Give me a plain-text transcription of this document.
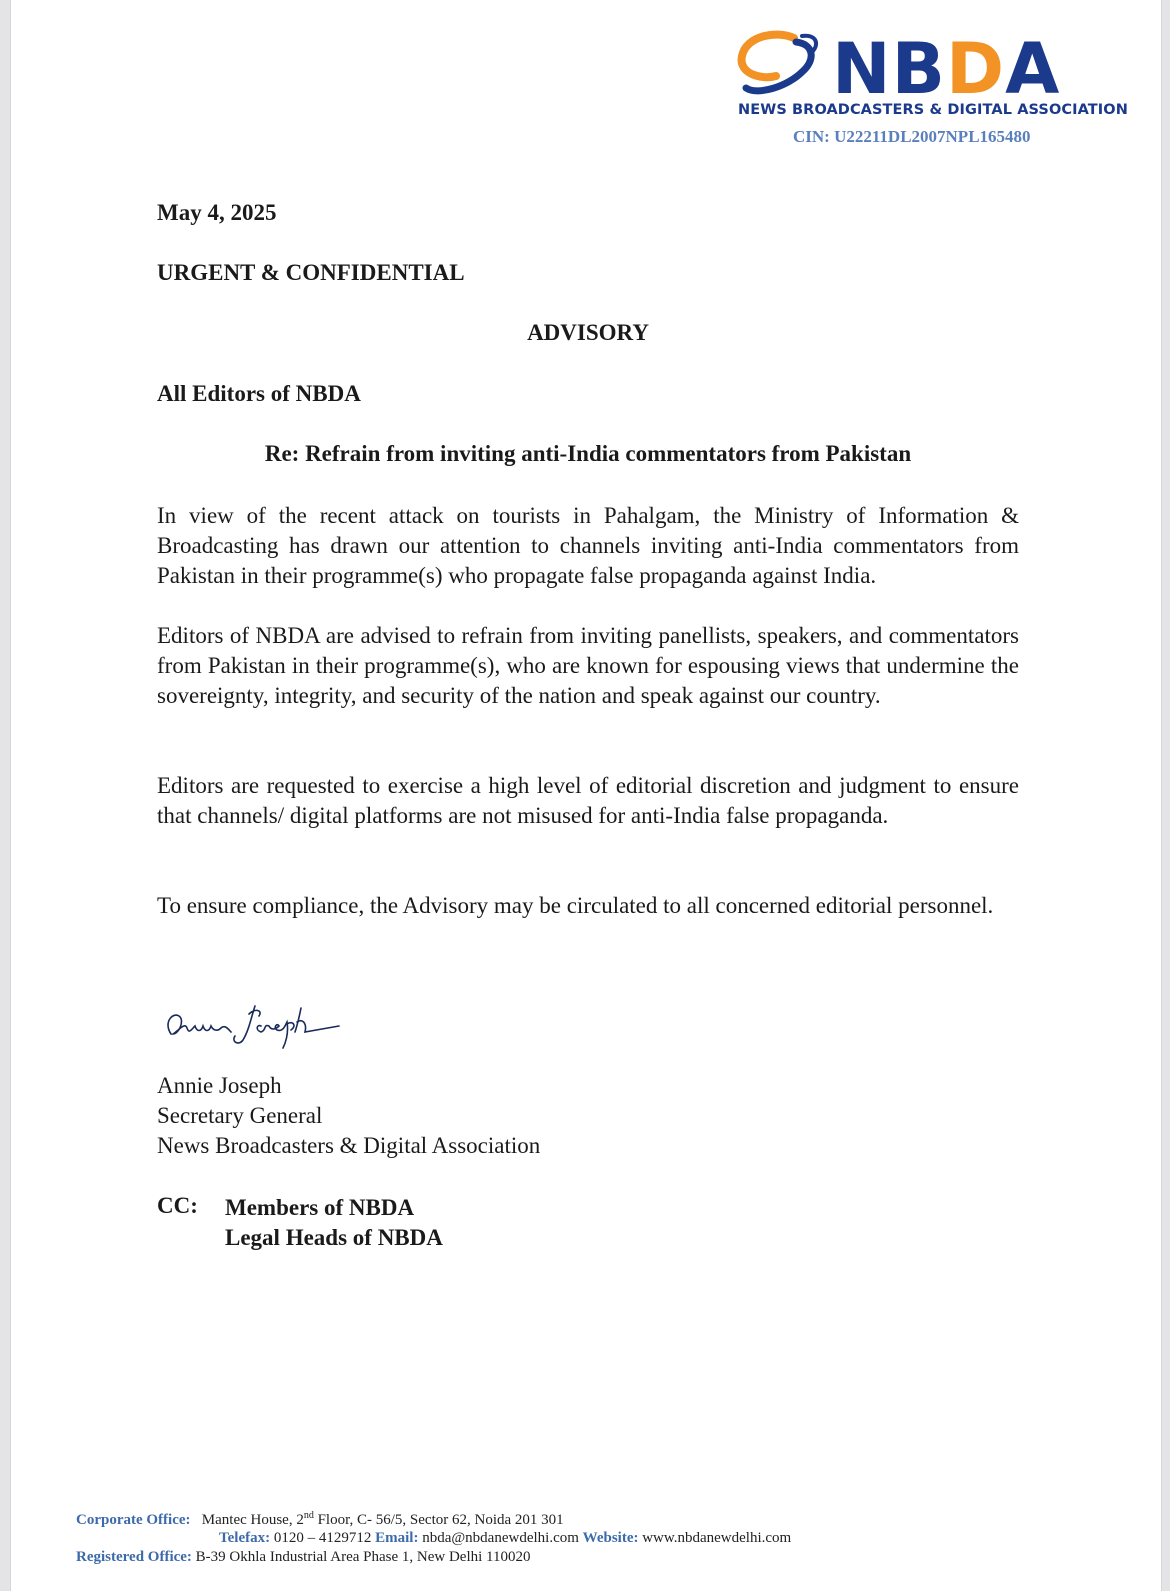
NBDA
NEWS BROADCASTERS & DIGITAL ASSOCIATION
CIN: U22211DL2007NPL165480
May 4, 2025
URGENT & CONFIDENTIAL
ADVISORY
All Editors of NBDA
Re: Refrain from inviting anti-India commentators from Pakistan
In view of the recent attack on tourists in Pahalgam, the Ministry of Information & Broadcasting has drawn our attention to channels inviting anti-India commentators from Pakistan in their programme(s) who propagate false propaganda against India.
Editors of NBDA are advised to refrain from inviting panellists, speakers, and commentators from Pakistan in their programme(s), who are known for espousing views that undermine the sovereignty, integrity, and security of the nation and speak against our country.
Editors are requested to exercise a high level of editorial discretion and judgment to ensure that channels/ digital platforms are not misused for anti-India false propaganda.
To ensure compliance, the Advisory may be circulated to all concerned editorial personnel.
Annie Joseph
Secretary General
News Broadcasters & Digital Association
CC: Members of NBDA
Legal Heads of NBDA
Corporate Office: Mantec House, 2nd Floor, C- 56/5, Sector 62, Noida 201 301
Telefax: 0120 – 4129712 Email: nbda@nbdanewdelhi.com Website: www.nbdanewdelhi.com
Registered Office: B-39 Okhla Industrial Area Phase 1, New Delhi 110020
